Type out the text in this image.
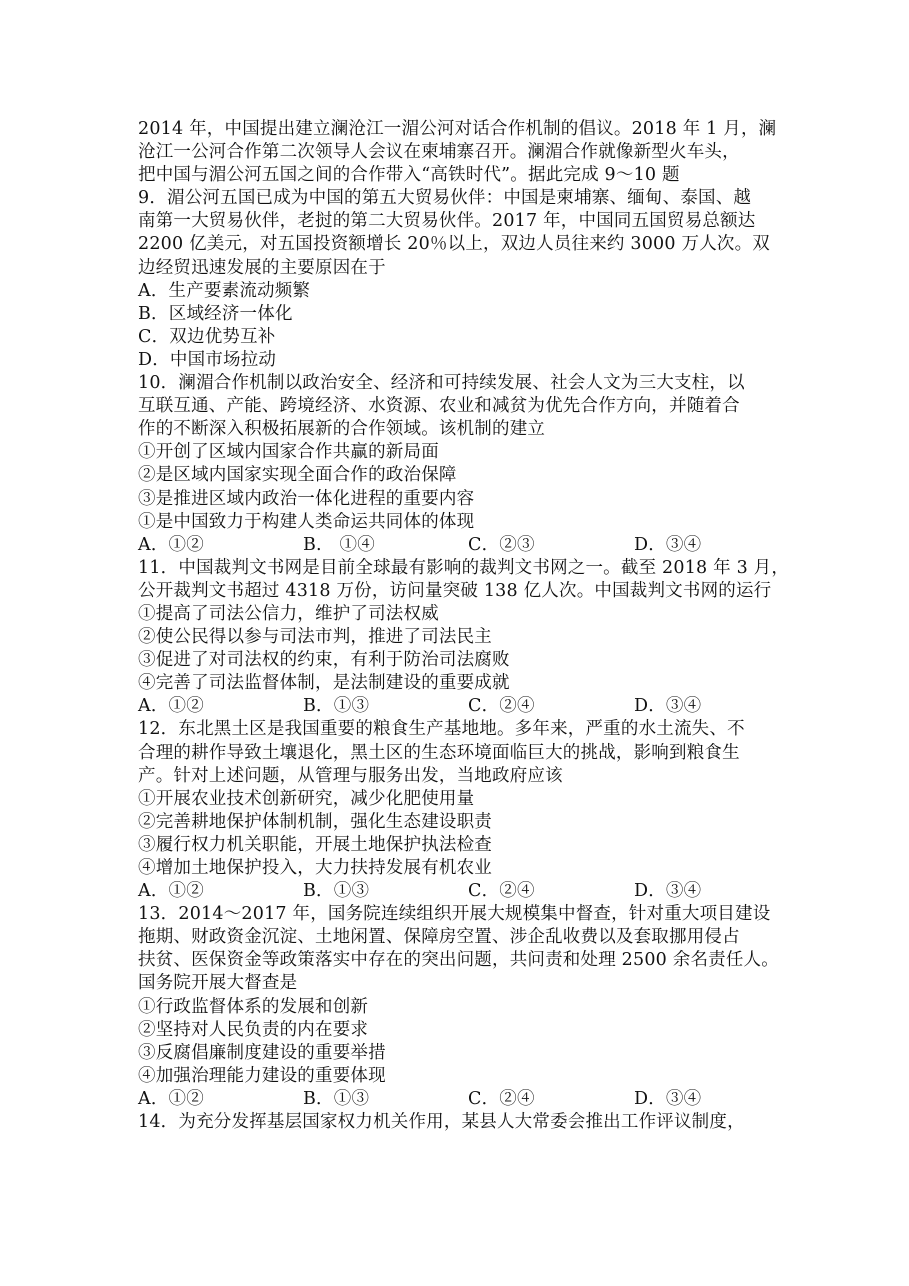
2014 年，中国提出建立澜沧江一湄公河对话合作机制的倡议。2018 年 1 月，澜
沧江一公河合作第二次领导人会议在柬埔寨召开。澜湄合作就像新型火车头，
把中国与湄公河五国之间的合作带入“高铁时代”。据此完成 9～10 题
9．湄公河五国已成为中国的第五大贸易伙伴：中国是柬埔寨、缅甸、泰国、越
南第一大贸易伙伴，老挝的第二大贸易伙伴。2017 年，中国同五国贸易总额达
2200 亿美元，对五国投资额增长 20％以上，双边人员往来约 3000 万人次。双
边经贸迅速发展的主要原因在于
A．生产要素流动频繁
B．区域经济一体化
C．双边优势互补
D．中国市场拉动
10．澜湄合作机制以政治安全、经济和可持续发展、社会人文为三大支柱，以
互联互通、产能、跨境经济、水资源、农业和减贫为优先合作方向，并随着合
作的不断深入积极拓展新的合作领域。该机制的建立
①开创了区域内国家合作共赢的新局面
②是区域内国家实现全面合作的政治保障
③是推进区域内政治一体化进程的重要内容
①是中国致力于构建人类命运共同体的体现
A．①②	B.　①④	C．②③	D．③④
11．中国裁判文书网是目前全球最有影响的裁判文书网之一。截至 2018 年 3 月，
公开裁判文书超过 4318 万份，访问量突破 138 亿人次。中国裁判文书网的运行
①提高了司法公信力，维护了司法权威
②使公民得以参与司法市判，推进了司法民主
③促进了对司法权的约束，有利于防治司法腐败
④完善了司法监督体制，是法制建设的重要成就
A．①②	B．①③	C．②④	D．③④
12．东北黑土区是我国重要的粮食生产基地地。多年来，严重的水土流失、不
合理的耕作导致土壤退化，黑土区的生态环境面临巨大的挑战，影响到粮食生
产。针对上述问题，从管理与服务出发，当地政府应该
①开展农业技术创新研究，减少化肥使用量
②完善耕地保护体制机制，强化生态建设职责
③履行权力机关职能，开展土地保护执法检查
④增加土地保护投入，大力扶持发展有机农业
A．①②	B．①③	C．②④	D．③④
13．2014～2017 年，国务院连续组织开展大规模集中督查，针对重大项目建设
拖期、财政资金沉淀、土地闲置、保障房空置、涉企乱收费以及套取挪用侵占
扶贫、医保资金等政策落实中存在的突出问题，共问责和处理 2500 余名责任人。
国务院开展大督查是
①行政监督体系的发展和创新
②坚持对人民负责的内在要求
③反腐倡廉制度建设的重要举措
④加强治理能力建设的重要体现
A．①②	B．①③	C．②④	D．③④
14．为充分发挥基层国家权力机关作用，某县人大常委会推出工作评议制度，
